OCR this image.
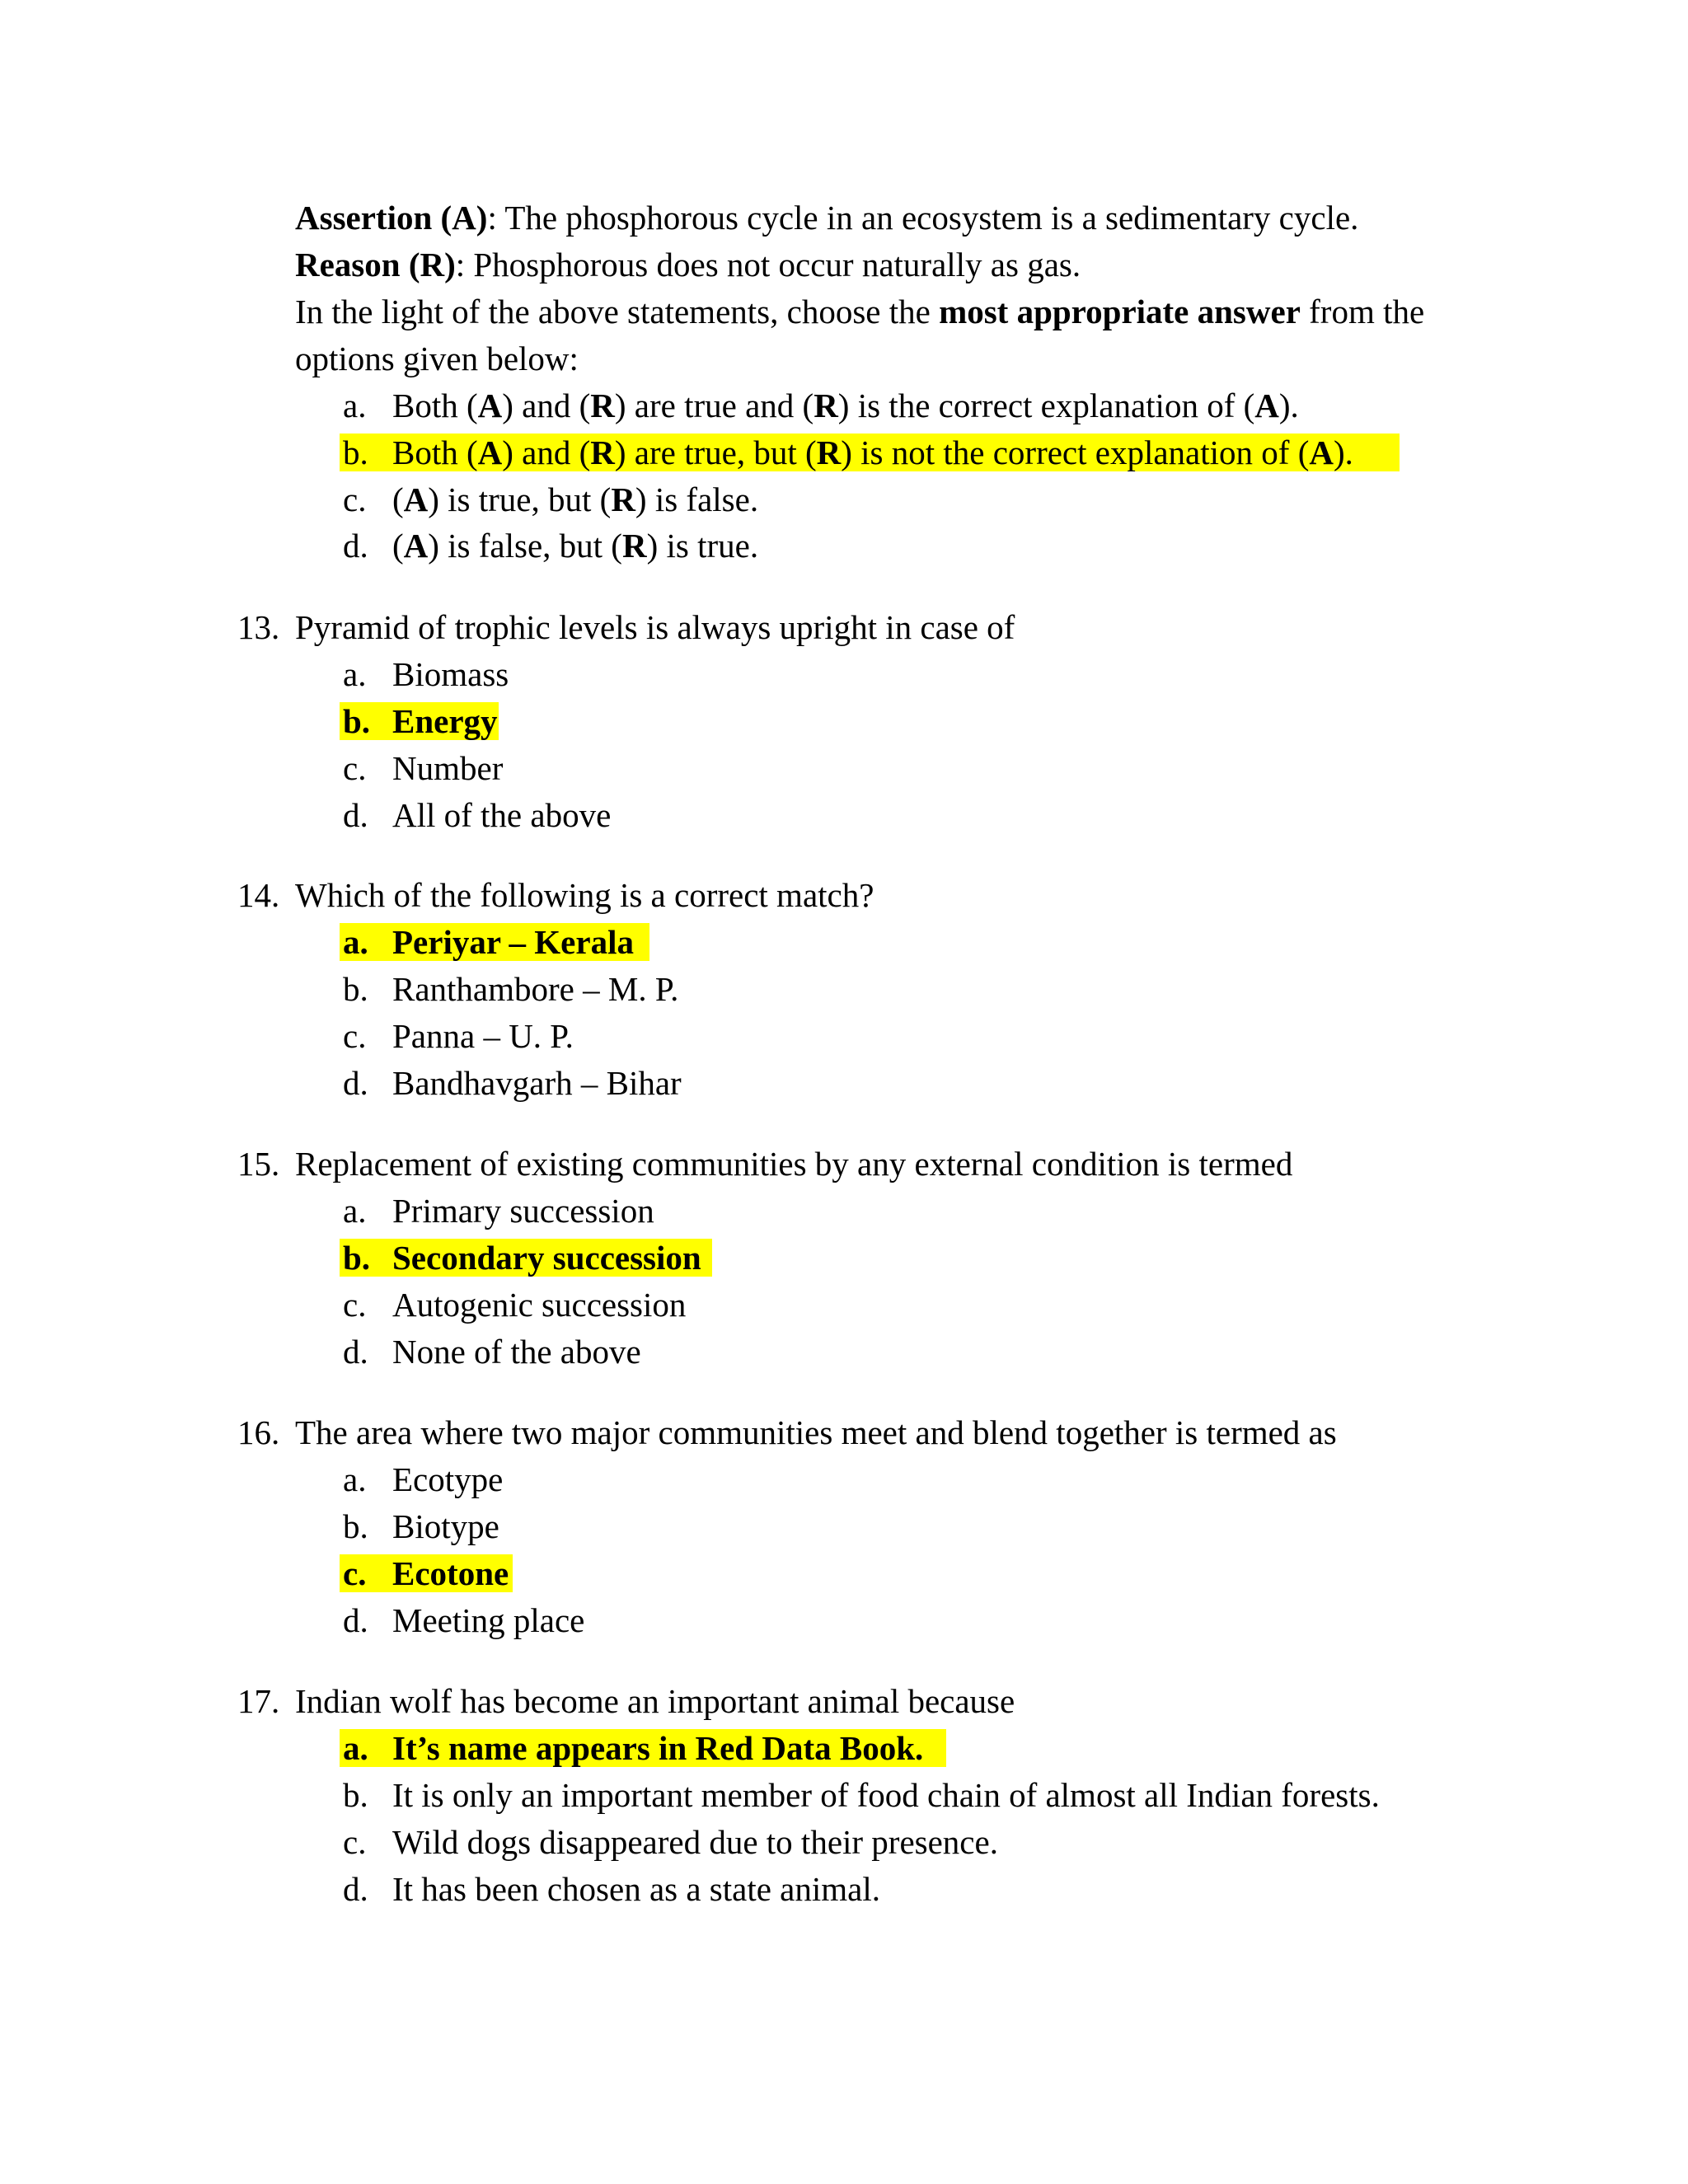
Assertion (A): The phosphorous cycle in an ecosystem is a sedimentary cycle.
Reason (R): Phosphorous does not occur naturally as gas.
In the light of the above statements, choose the most appropriate answer from the
options given below:
a. Both (A) and (R) are true and (R) is the correct explanation of (A).
b. Both (A) and (R) are true, but (R) is not the correct explanation of (A).
c. (A) is true, but (R) is false.
d. (A) is false, but (R) is true.
13. Pyramid of trophic levels is always upright in case of
a. Biomass
b. Energy
c. Number
d. All of the above
14. Which of the following is a correct match?
a. Periyar – Kerala
b. Ranthambore – M. P.
c. Panna – U. P.
d. Bandhavgarh – Bihar
15. Replacement of existing communities by any external condition is termed
a. Primary succession
b. Secondary succession
c. Autogenic succession
d. None of the above
16. The area where two major communities meet and blend together is termed as
a. Ecotype
b. Biotype
c. Ecotone
d. Meeting place
17. Indian wolf has become an important animal because
a. It’s name appears in Red Data Book.
b. It is only an important member of food chain of almost all Indian forests.
c. Wild dogs disappeared due to their presence.
d. It has been chosen as a state animal.
